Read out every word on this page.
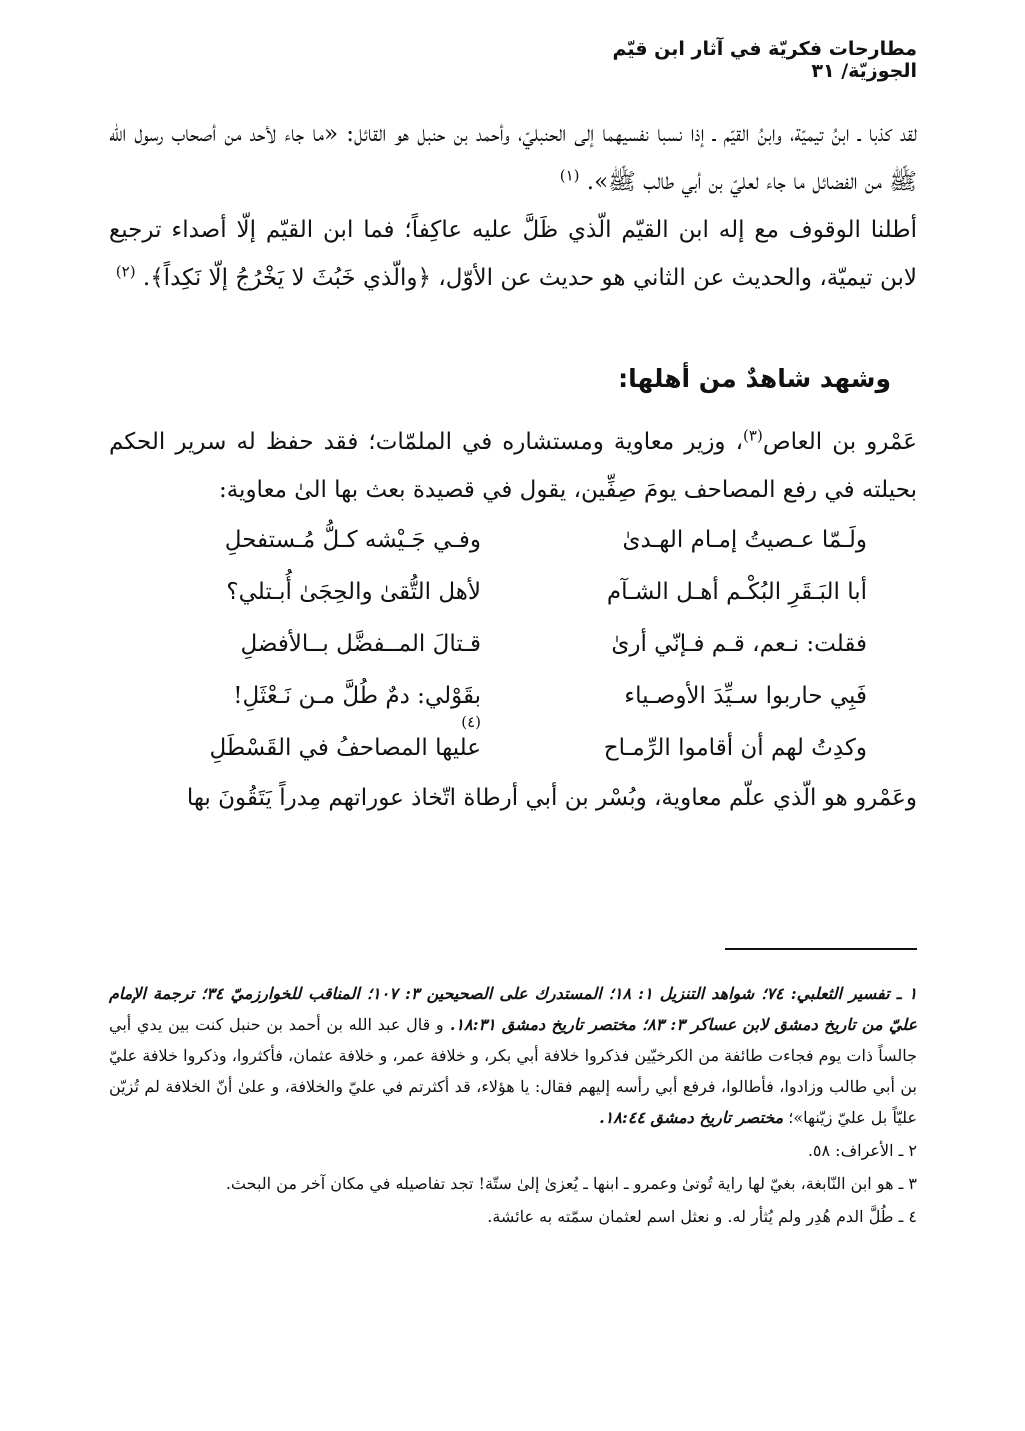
مطارحات فكريّة في آثار ابن قيّم الجوزيّة/ ٣١

لقد كذبا ـ ابنُ تيميّة، وابنُ القيّم ـ إذا نسبا نفسيهما إلى الحنبليّ، وأحمد بن حنبل هو القائل: «ما جاء لأحد من أصحاب رسول اللّه ﷺ من الفضائل ما جاء لعليّ بن أبي طالب ﷺ». $^{(١)}$

أطلنا الوقوف مع إله ابن القيّم الّذي ظَلَّ عليه عاكِفاً؛ فما ابن القيّم إلّا أصداء ترجيع لابن تيميّة، والحديث عن الثاني هو حديث عن الأوّل، ﴿والّذي خَبُثَ لا يَخْرُجُ إلّا نَكِداً﴾. $^{(٢)}$

وشهد شاهدٌ من أهلها:

عَمْرو بن العاص$^{(٣)}$، وزير معاوية ومستشاره في الملمّات؛ فقد حفظ له سرير الحكم بحيلته في رفع المصاحف يومَ صِفِّين، يقول في قصيدة بعث بها الىٰ معاوية:

ولَـمّا عـصيتُ إمـام الهـدىٰ
وفـي جَـيْشه كـلُّ مُـستفحلِ
أبا البَـقَرِ البُكْـم أهـل الشـآم
لأهل التُّقىٰ والحِجَىٰ أُبـتلي؟
فقلت: نـعم، قـم فـإنّي أرىٰ
قـتالَ المــفضَّل بــالأفضلِ
فَبِي حاربوا سـيِّدَ الأوصـياء
بقَوْلي: دمٌ طُلَّ مـن نَـعْثَلِ!
(٤)
وكدِتُ لهم أن أقاموا الرِّمـاح
عليها المصاحفُ في القَسْطَلِ

وعَمْرو هو الّذي علّم معاوية، وبُسْر بن أبي أرطاة اتّخاذ عوراتهم مِدراً يَتَقُونَ بها

١ ـ تفسير الثعلبي: ٧٤؛ شواهد التنزيل ١: ١٨؛ المستدرك على الصحيحين ٣: ١٠٧؛ المناقب للخوارزميّ ٣٤؛ ترجمة الإمام عليّ من تاريخ دمشق لابن عساكر ٣: ٨٣؛ مختصر تاريخ دمشق ١٨:٣١. و قال عبد الله بن أحمد بن حنبل كنت بين يدي أبي جالساً ذات يوم فجاءت طائفة من الكرخيّين فذكروا خلافة أبي بكر، و خلافة عمر، و خلافة عثمان، فأكثروا، وذكروا خلافة عليّ بن أبي طالب وزادوا، فأطالوا، فرفع أبي رأسه إليهم فقال: يا هؤلاء، قد أكثرتم في عليّ والخلافة، و علىٰ أنّ الخلافة لم تُزيّن عليّاً بل عليّ زيّنها»؛ مختصر تاريخ دمشق ١٨:٤٤.

٢ ـ الأعراف: ٥٨.

٣ ـ هو ابن النّابغة، بغيّ لها راية تُوتىٰ وعمرو ـ ابنها ـ يُعزىٰ إلىٰ ستّة! تجد تفاصيله في مكان آخر من البحث.

٤ ـ طُلَّ الدم هُدِر ولم يُثأر له. و نعثل اسم لعثمان سمّته به عائشة.
